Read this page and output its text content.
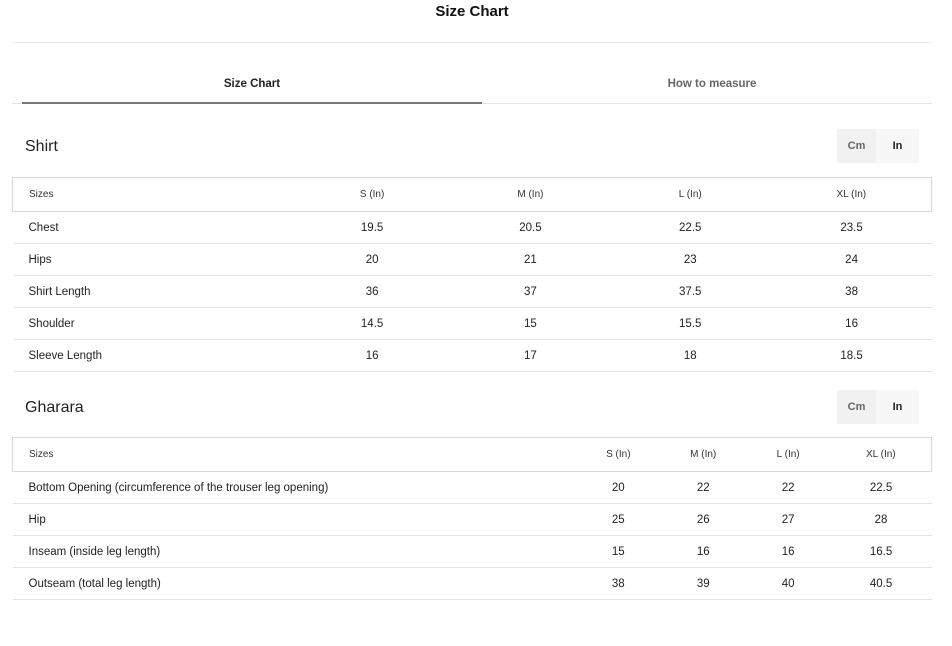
Size Chart
Size Chart	How to measure
Shirt	Cm	In
Sizes	S (In)	M (In)	L (In)	XL (In)
Chest	19.5	20.5	22.5	23.5
Hips	20	21	23	24
Shirt Length	36	37	37.5	38
Shoulder	14.5	15	15.5	16
Sleeve Length	16	17	18	18.5
Gharara	Cm	In
Sizes	S (In)	M (In)	L (In)	XL (In)
Bottom Opening (circumference of the trouser leg opening)	20	22	22	22.5
Hip	25	26	27	28
Inseam (inside leg length)	15	16	16	16.5
Outseam (total leg length)	38	39	40	40.5
